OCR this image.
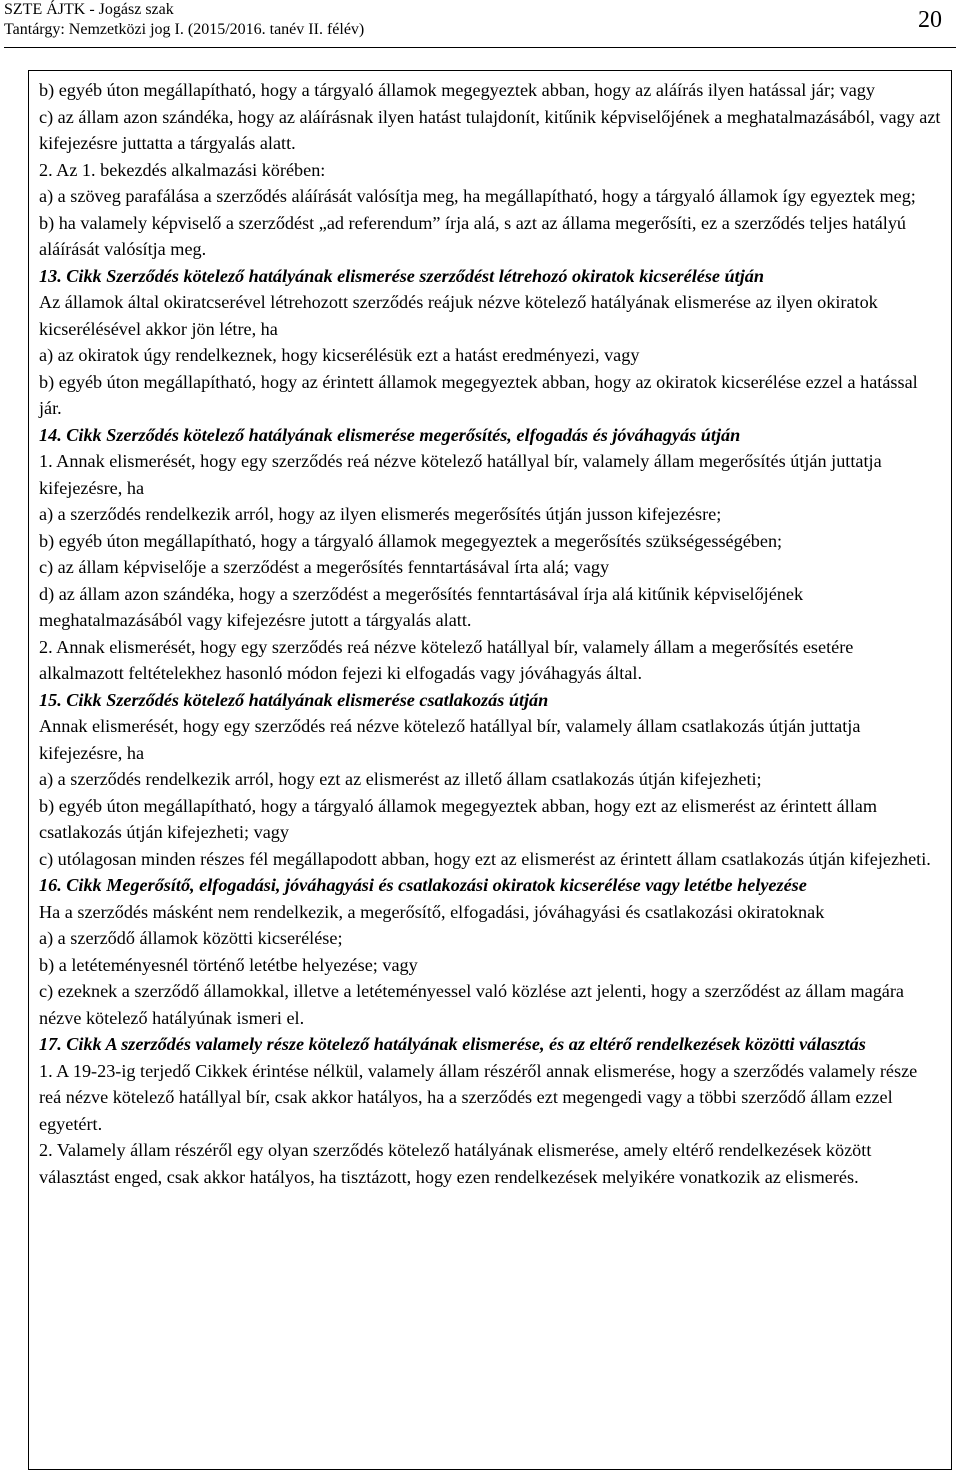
SZTE ÁJTK - Jogász szak
Tantárgy: Nemzetközi jog I. (2015/2016. tanév II. félév)	20

b) egyéb úton megállapítható, hogy a tárgyaló államok megegyeztek abban, hogy az aláírás ilyen hatással jár; vagy

c) az állam azon szándéka, hogy az aláírásnak ilyen hatást tulajdonít, kitűnik képviselőjének a meghatalmazásából, vagy azt kifejezésre juttatta a tárgyalás alatt.

2. Az 1. bekezdés alkalmazási körében:

a) a szöveg parafálása a szerződés aláírását valósítja meg, ha megállapítható, hogy a tárgyaló államok így egyeztek meg;

b) ha valamely képviselő a szerződést „ad referendum” írja alá, s azt az állama megerősíti, ez a szerződés teljes hatályú aláírását valósítja meg.

13. Cikk Szerződés kötelező hatályának elismerése szerződést létrehozó okiratok kicserélése útján

Az államok által okiratcserével létrehozott szerződés reájuk nézve kötelező hatályának elismerése az ilyen okiratok kicserélésével akkor jön létre, ha

a) az okiratok úgy rendelkeznek, hogy kicserélésük ezt a hatást eredményezi, vagy

b) egyéb úton megállapítható, hogy az érintett államok megegyeztek abban, hogy az okiratok kicserélése ezzel a hatással jár.

14. Cikk Szerződés kötelező hatályának elismerése megerősítés, elfogadás és jóváhagyás útján

1. Annak elismerését, hogy egy szerződés reá nézve kötelező hatállyal bír, valamely állam megerősítés útján juttatja kifejezésre, ha

a) a szerződés rendelkezik arról, hogy az ilyen elismerés megerősítés útján jusson kifejezésre;

b) egyéb úton megállapítható, hogy a tárgyaló államok megegyeztek a megerősítés szükségességében;

c) az állam képviselője a szerződést a megerősítés fenntartásával írta alá; vagy

d) az állam azon szándéka, hogy a szerződést a megerősítés fenntartásával írja alá kitűnik képviselőjének meghatalmazásából vagy kifejezésre jutott a tárgyalás alatt.

2. Annak elismerését, hogy egy szerződés reá nézve kötelező hatállyal bír, valamely állam a megerősítés esetére alkalmazott feltételekhez hasonló módon fejezi ki elfogadás vagy jóváhagyás által.

15. Cikk Szerződés kötelező hatályának elismerése csatlakozás útján

Annak elismerését, hogy egy szerződés reá nézve kötelező hatállyal bír, valamely állam csatlakozás útján juttatja kifejezésre, ha

a) a szerződés rendelkezik arról, hogy ezt az elismerést az illető állam csatlakozás útján kifejezheti;

b) egyéb úton megállapítható, hogy a tárgyaló államok megegyeztek abban, hogy ezt az elismerést az érintett állam csatlakozás útján kifejezheti; vagy

c) utólagosan minden részes fél megállapodott abban, hogy ezt az elismerést az érintett állam csatlakozás útján kifejezheti.

16. Cikk Megerősítő, elfogadási, jóváhagyási és csatlakozási okiratok kicserélése vagy letétbe helyezése

Ha a szerződés másként nem rendelkezik, a megerősítő, elfogadási, jóváhagyási és csatlakozási okiratoknak

a) a szerződő államok közötti kicserélése;

b) a letéteményesnél történő letétbe helyezése; vagy

c) ezeknek a szerződő államokkal, illetve a letéteményessel való közlése azt jelenti, hogy a szerződést az állam magára nézve kötelező hatályúnak ismeri el.

17. Cikk A szerződés valamely része kötelező hatályának elismerése, és az eltérő rendelkezések közötti választás

1. A 19-23-ig terjedő Cikkek érintése nélkül, valamely állam részéről annak elismerése, hogy a szerződés valamely része reá nézve kötelező hatállyal bír, csak akkor hatályos, ha a szerződés ezt megengedi vagy a többi szerződő állam ezzel egyetért.

2. Valamely állam részéről egy olyan szerződés kötelező hatályának elismerése, amely eltérő rendelkezések között választást enged, csak akkor hatályos, ha tisztázott, hogy ezen rendelkezések melyikére vonatkozik az elismerés.
